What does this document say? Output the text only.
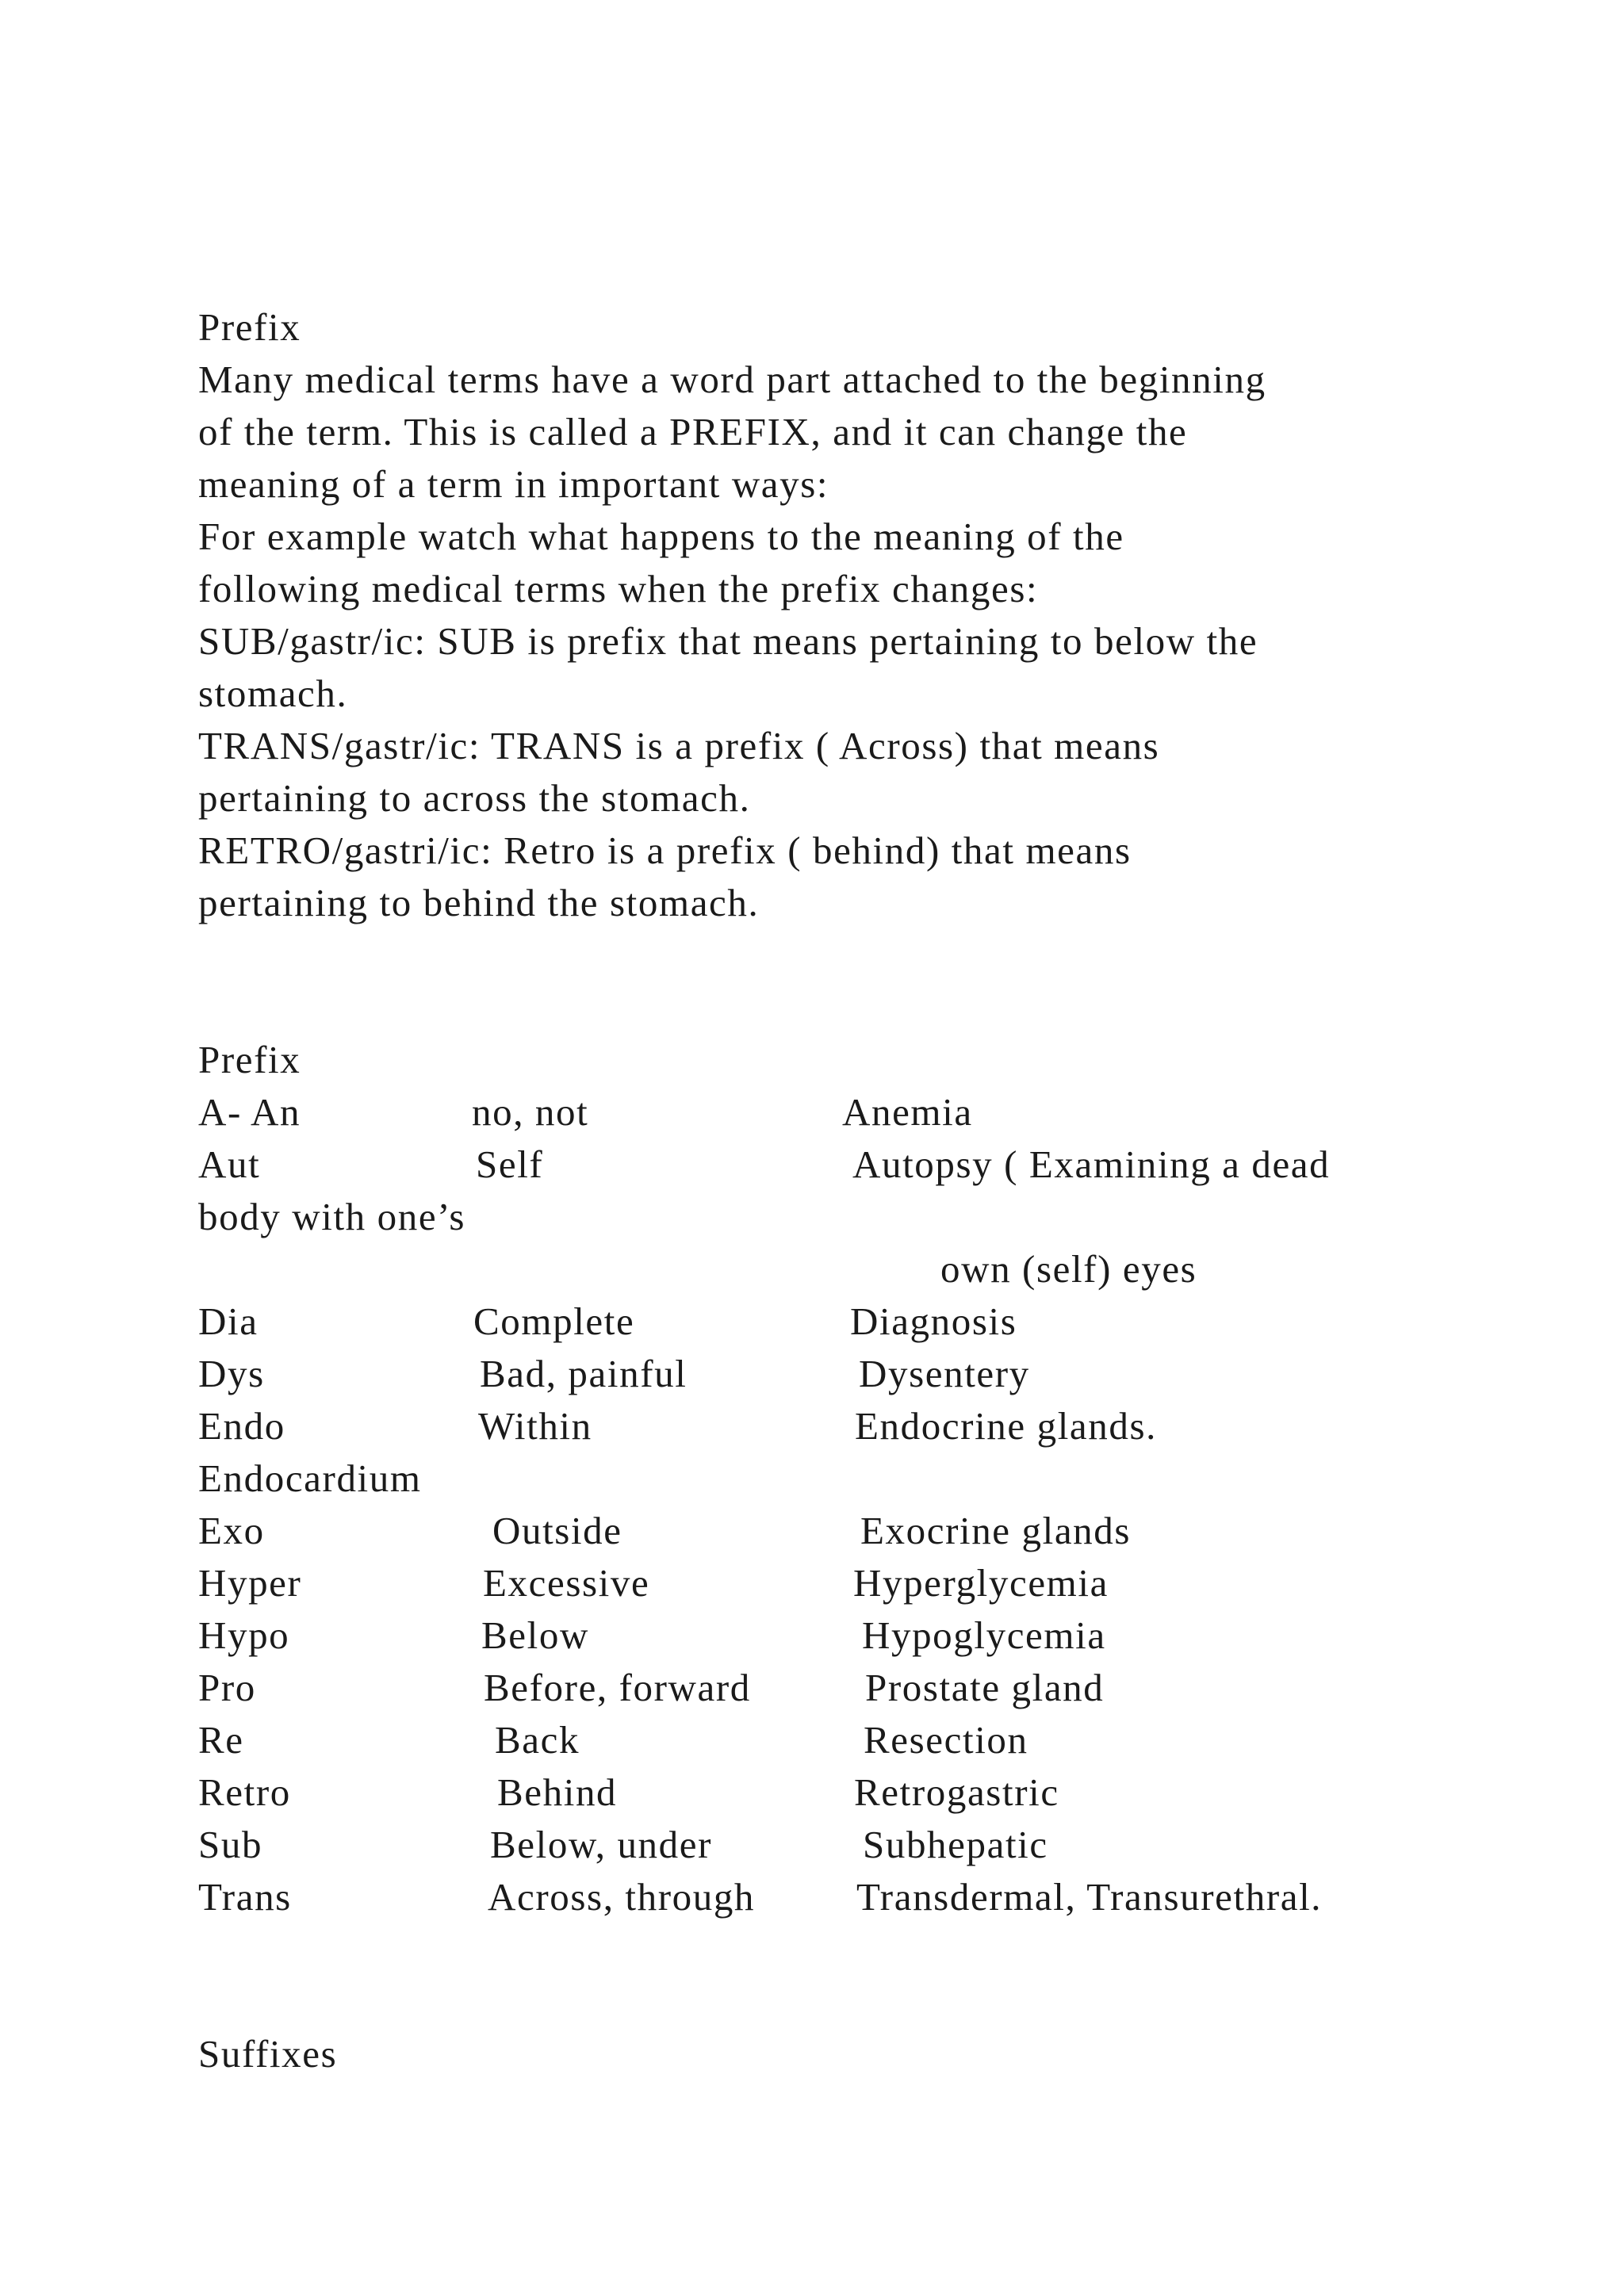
Prefix

Many medical terms have a word part attached to the beginning

of the term. This is called a PREFIX, and it can change the

meaning of a term in important ways:

For example watch what happens to the meaning of the

following medical terms when the prefix changes:

SUB/gastr/ic: SUB is prefix that means pertaining to below the

stomach.

TRANS/gastr/ic: TRANS is a prefix ( Across) that means

pertaining to across the stomach.

RETRO/gastri/ic: Retro is a prefix ( behind) that means

pertaining to behind the stomach.

Prefix

A- An	no, not	Anemia
Aut	Self	Autopsy ( Examining a dead
body with one’s
own (self) eyes
Dia	Complete	Diagnosis
Dys	Bad, painful	Dysentery
Endo	Within	Endocrine glands.
Endocardium
Exo	Outside	Exocrine glands
Hyper	Excessive	Hyperglycemia
Hypo	Below	Hypoglycemia
Pro	Before, forward	Prostate gland
Re	Back	Resection
Retro	Behind	Retrogastric
Sub	Below, under	Subhepatic
Trans	Across, through	Transdermal, Transurethral.

Suffixes
